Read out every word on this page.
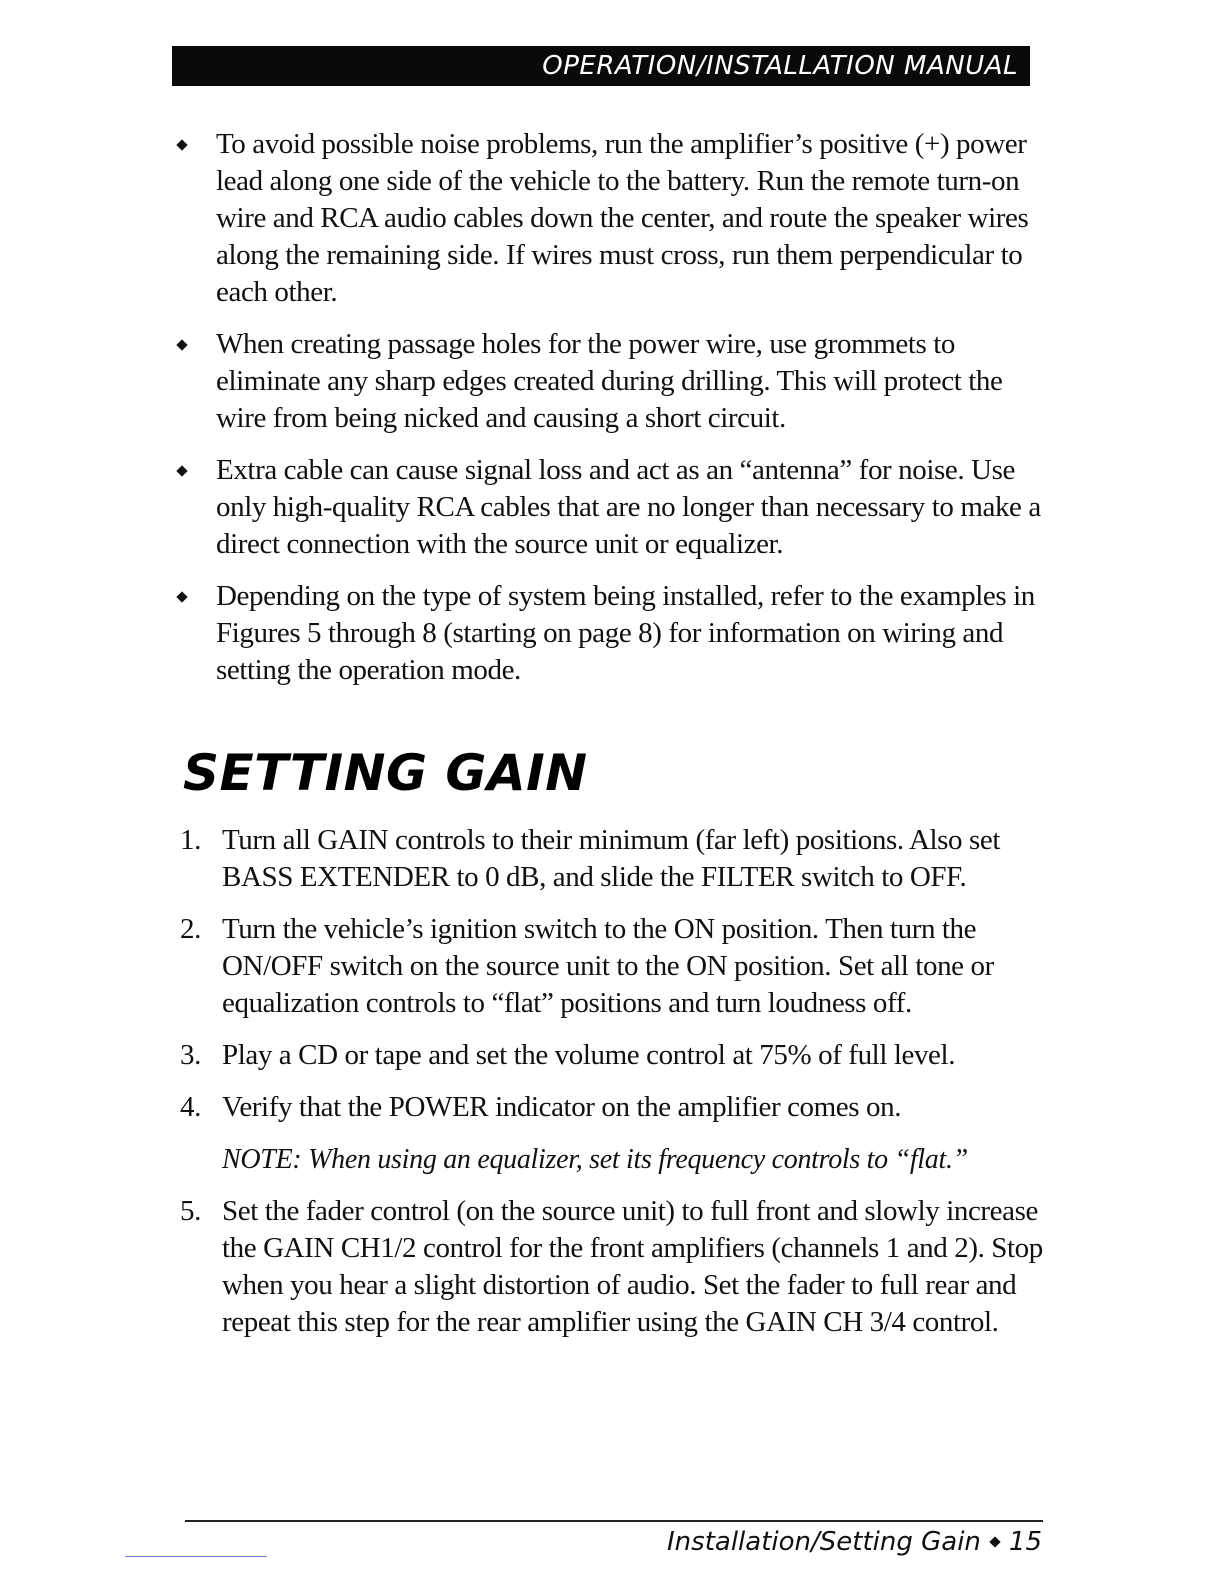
OPERATION/INSTALLATION MANUAL
To avoid possible noise problems, run the amplifier’s positive (+) power lead along one side of the vehicle to the battery. Run the remote turn-on wire and RCA audio cables down the center, and route the speaker wires along the remaining side. If wires must cross, run them perpendicular to each other.
When creating passage holes for the power wire, use grommets to eliminate any sharp edges created during drilling. This will protect the wire from being nicked and causing a short circuit.
Extra cable can cause signal loss and act as an “antenna” for noise. Use only high-quality RCA cables that are no longer than necessary to make a direct connection with the source unit or equalizer.
Depending on the type of system being installed, refer to the examples in Figures 5 through 8 (starting on page 8) for information on wiring and setting the operation mode.
SETTING GAIN
1. Turn all GAIN controls to their minimum (far left) positions. Also set BASS EXTENDER to 0 dB, and slide the FILTER switch to OFF.
2. Turn the vehicle’s ignition switch to the ON position. Then turn the ON/OFF switch on the source unit to the ON position. Set all tone or equalization controls to “flat” positions and turn loudness off.
3. Play a CD or tape and set the volume control at 75% of full level.
4. Verify that the POWER indicator on the amplifier comes on.
NOTE: When using an equalizer, set its frequency controls to “flat.”
5. Set the fader control (on the source unit) to full front and slowly increase the GAIN CH1/2 control for the front amplifiers (channels 1 and 2). Stop when you hear a slight distortion of audio. Set the fader to full rear and repeat this step for the rear amplifier using the GAIN CH 3/4 control.
Installation/Setting Gain 15
